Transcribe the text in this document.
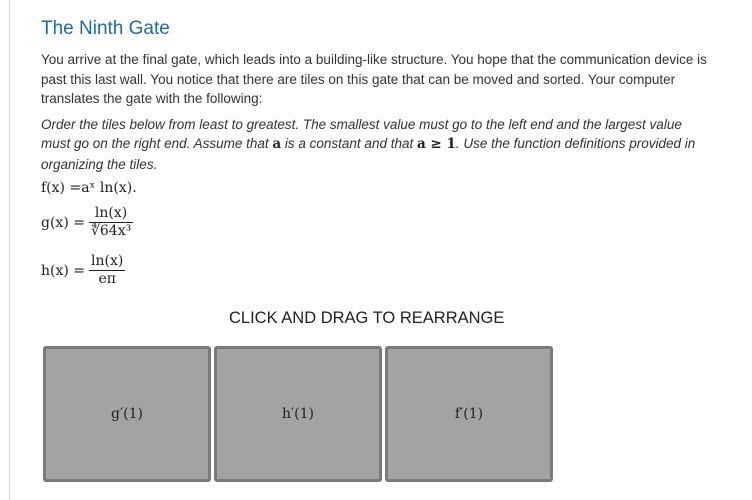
The Ninth Gate

You arrive at the final gate, which leads into a building-like structure. You hope that the communication device is past this last wall. You notice that there are tiles on this gate that can be moved and sorted. Your computer translates the gate with the following:

Order the tiles below from least to greatest. The smallest value must go to the left end and the largest value must go on the right end. Assume that a is a constant and that a ≥ 1. Use the function definitions provided in organizing the tiles.

f(x) =aˣ ln(x).
$g(x) = \frac{\ln(x)}{\text{∜64x³}}$
$h(x) = \frac{\ln(x)}{\text{eᴨ}}$
CLICK AND DRAG TO REARRANGE
g′(1)	h′(1)	f′(1)
